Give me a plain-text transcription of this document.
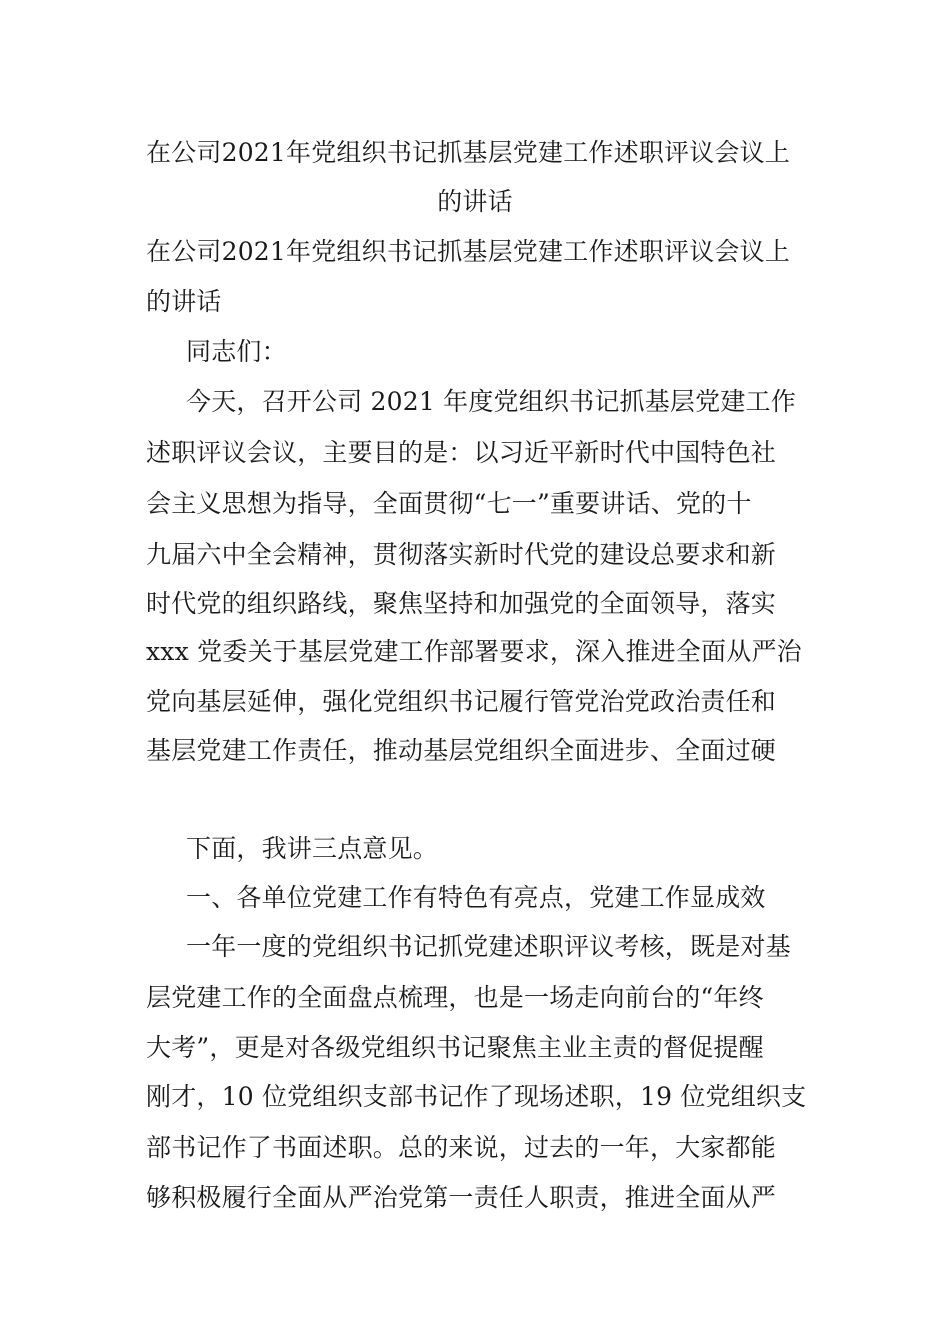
在公司2021年党组织书记抓基层党建工作述职评议会议上
的讲话
在公司2021年党组织书记抓基层党建工作述职评议会议上
的讲话
同志们：
今天，召开公司 2021 年度党组织书记抓基层党建工作
述职评议会议，主要目的是：以习近平新时代中国特色社
会主义思想为指导，全面贯彻“七一”重要讲话、党的十
九届六中全会精神，贯彻落实新时代党的建设总要求和新
时代党的组织路线，聚焦坚持和加强党的全面领导，落实
xxx 党委关于基层党建工作部署要求，深入推进全面从严治
党向基层延伸，强化党组织书记履行管党治党政治责任和
基层党建工作责任，推动基层党组织全面进步、全面过硬
下面，我讲三点意见。
一、各单位党建工作有特色有亮点，党建工作显成效
一年一度的党组织书记抓党建述职评议考核，既是对基
层党建工作的全面盘点梳理，也是一场走向前台的“年终
大考”，更是对各级党组织书记聚焦主业主责的督促提醒
刚才，10 位党组织支部书记作了现场述职，19 位党组织支
部书记作了书面述职。总的来说，过去的一年，大家都能
够积极履行全面从严治党第一责任人职责，推进全面从严
